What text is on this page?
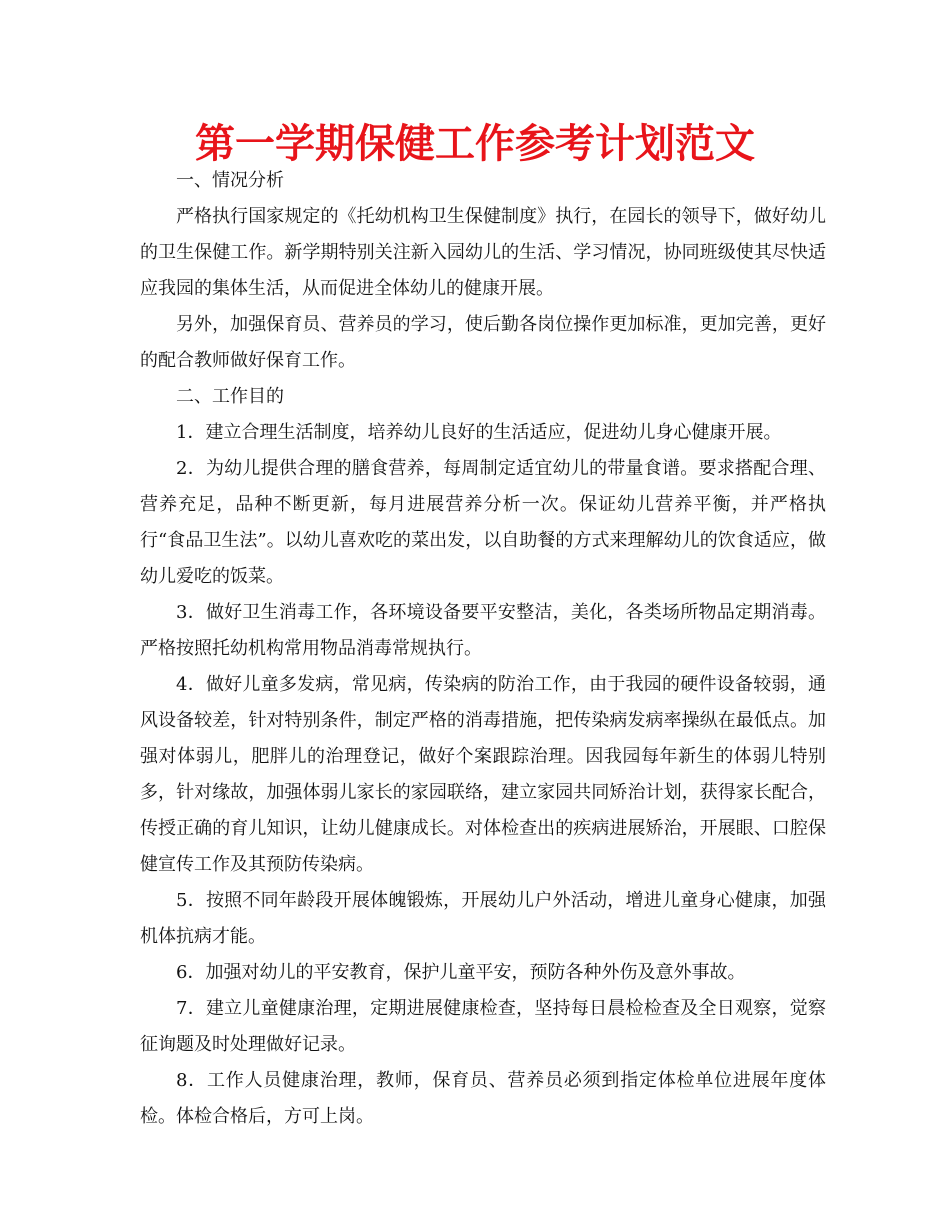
第一学期保健工作参考计划范文

一、情况分析

严格执行国家规定的《托幼机构卫生保健制度》执行，在园长的领导下，做好幼儿的卫生保健工作。新学期特别关注新入园幼儿的生活、学习情况，协同班级使其尽快适应我园的集体生活，从而促进全体幼儿的健康开展。

另外，加强保育员、营养员的学习，使后勤各岗位操作更加标准，更加完善，更好的配合教师做好保育工作。

二、工作目的

1．建立合理生活制度，培养幼儿良好的生活适应，促进幼儿身心健康开展。

2．为幼儿提供合理的膳食营养，每周制定适宜幼儿的带量食谱。要求搭配合理、营养充足，品种不断更新，每月进展营养分析一次。保证幼儿营养平衡，并严格执行“食品卫生法”。以幼儿喜欢吃的菜出发，以自助餐的方式来理解幼儿的饮食适应，做幼儿爱吃的饭菜。

3．做好卫生消毒工作，各环境设备要平安整洁，美化，各类场所物品定期消毒。严格按照托幼机构常用物品消毒常规执行。

4．做好儿童多发病，常见病，传染病的防治工作，由于我园的硬件设备较弱，通风设备较差，针对特别条件，制定严格的消毒措施，把传染病发病率操纵在最低点。加强对体弱儿，肥胖儿的治理登记，做好个案跟踪治理。因我园每年新生的体弱儿特别多，针对缘故，加强体弱儿家长的家园联络，建立家园共同矫治计划，获得家长配合，传授正确的育儿知识，让幼儿健康成长。对体检查出的疾病进展矫治，开展眼、口腔保健宣传工作及其预防传染病。

5．按照不同年龄段开展体魄锻炼，开展幼儿户外活动，增进儿童身心健康，加强机体抗病才能。

6．加强对幼儿的平安教育，保护儿童平安，预防各种外伤及意外事故。

7．建立儿童健康治理，定期进展健康检查，坚持每日晨检检查及全日观察，觉察征询题及时处理做好记录。

8．工作人员健康治理，教师，保育员、营养员必须到指定体检单位进展年度体检。体检合格后，方可上岗。
